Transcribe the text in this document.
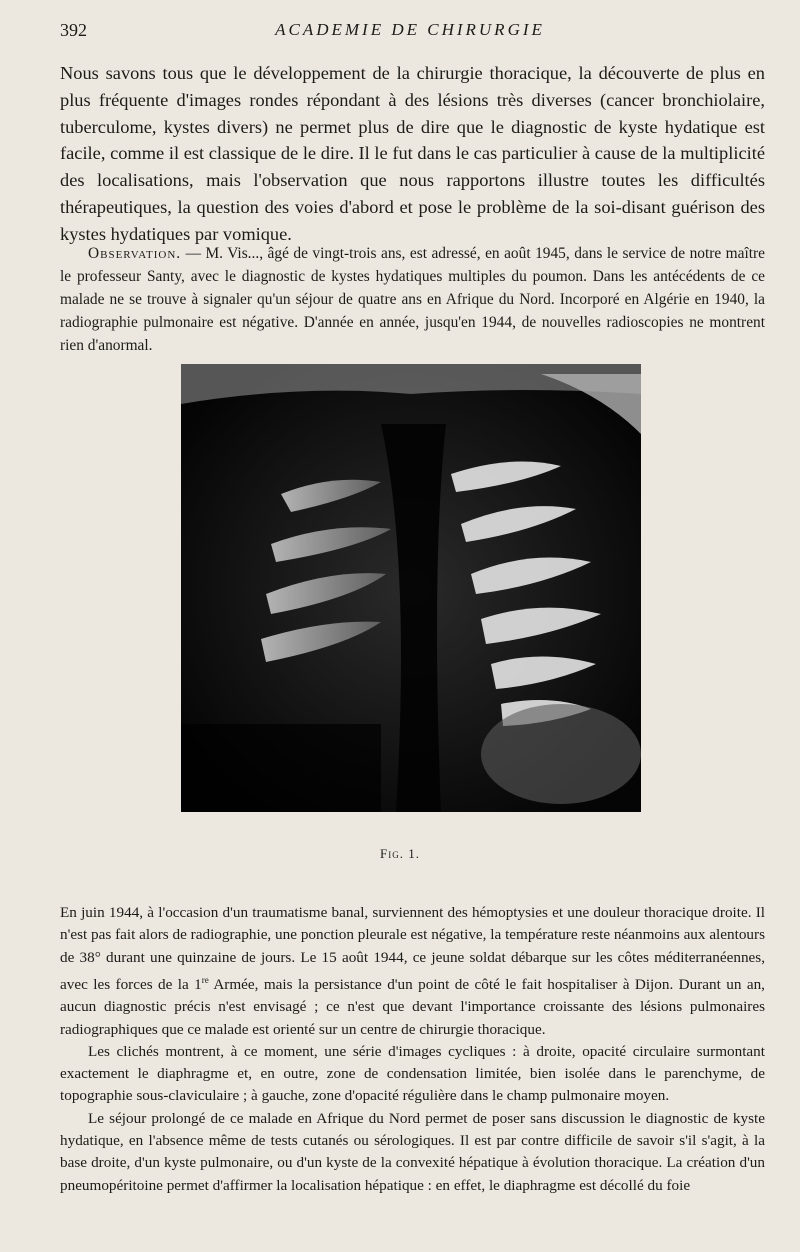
392	ACADEMIE DE CHIRURGIE

Nous savons tous que le développement de la chirurgie thoracique, la découverte de plus en plus fréquente d'images rondes répondant à des lésions très diverses (cancer bronchiolaire, tuberculome, kystes divers) ne permet plus de dire que le diagnostic de kyste hydatique est facile, comme il est classique de le dire. Il le fut dans le cas particulier à cause de la multiplicité des localisations, mais l'observation que nous rapportons illustre toutes les difficultés thérapeutiques, la question des voies d'abord et pose le problème de la soi-disant guérison des kystes hydatiques par vomique.

Observation. — M. Vis..., âgé de vingt-trois ans, est adressé, en août 1945, dans le service de notre maître le professeur Santy, avec le diagnostic de kystes hydatiques multiples du poumon. Dans les antécédents de ce malade ne se trouve à signaler qu'un séjour de quatre ans en Afrique du Nord. Incorporé en Algérie en 1940, la radiographie pulmonaire est négative. D'année en année, jusqu'en 1944, de nouvelles radioscopies ne montrent rien d'anormal.

Fig. 1.

En juin 1944, à l'occasion d'un traumatisme banal, surviennent des hémoptysies et une douleur thoracique droite. Il n'est pas fait alors de radiographie, une ponction pleurale est négative, la température reste néanmoins aux alentours de 38° durant une quinzaine de jours. Le 15 août 1944, ce jeune soldat débarque sur les côtes méditerranéennes, avec les forces de la 1re Armée, mais la persistance d'un point de côté le fait hospitaliser à Dijon. Durant un an, aucun diagnostic précis n'est envisagé ; ce n'est que devant l'importance croissante des lésions pulmonaires radiographiques que ce malade est orienté sur un centre de chirurgie thoracique.

Les clichés montrent, à ce moment, une série d'images cycliques : à droite, opacité circulaire surmontant exactement le diaphragme et, en outre, zone de condensation limitée, bien isolée dans le parenchyme, de topographie sous-claviculaire ; à gauche, zone d'opacité régulière dans le champ pulmonaire moyen.

Le séjour prolongé de ce malade en Afrique du Nord permet de poser sans discussion le diagnostic de kyste hydatique, en l'absence même de tests cutanés ou sérologiques. Il est par contre difficile de savoir s'il s'agit, à la base droite, d'un kyste pulmonaire, ou d'un kyste de la convexité hépatique à évolution thoracique. La création d'un pneumopéritoine permet d'affirmer la localisation hépatique : en effet, le diaphragme est décollé du foie
